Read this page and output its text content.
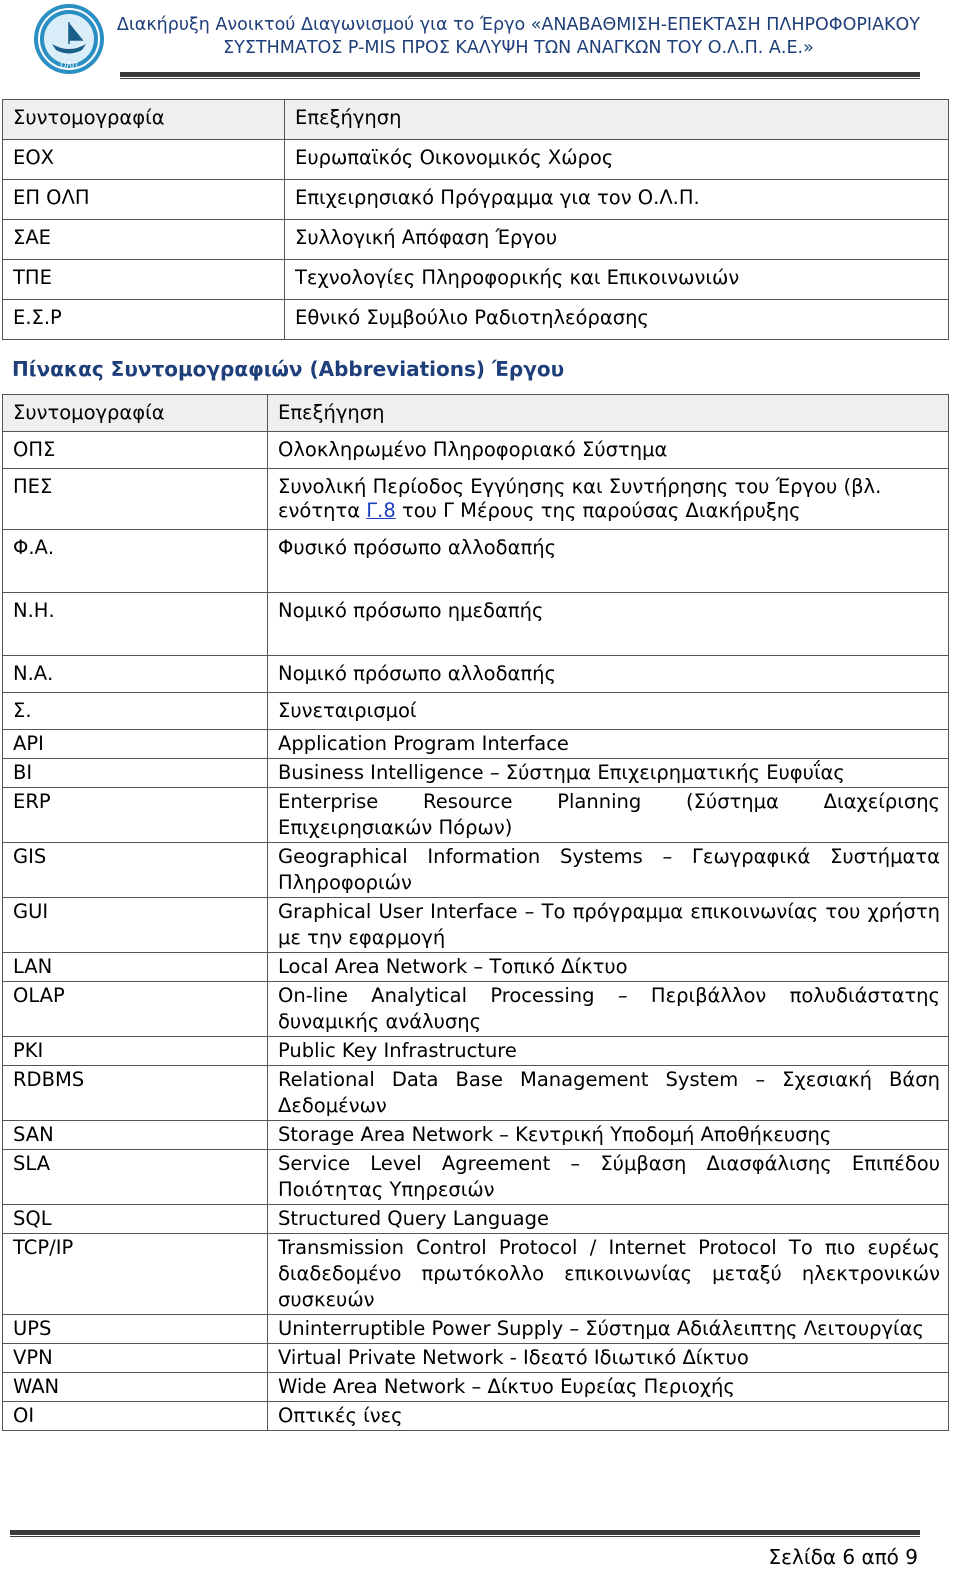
ΟΛΠ
Διακήρυξη Ανοικτού Διαγωνισμού για το Έργο «ΑΝΑΒΑΘΜΙΣΗ-ΕΠΕΚΤΑΣΗ ΠΛΗΡΟΦΟΡΙΑΚΟΥ
ΣΥΣΤΗΜΑΤΟΣ P-MIS ΠΡΟΣ ΚΑΛΥΨΗ ΤΩΝ ΑΝΑΓΚΩΝ ΤΟΥ Ο.Λ.Π. Α.Ε.»
Συντομογραφία	Επεξήγηση
ΕΟΧ	Ευρωπαϊκός Οικονομικός Χώρος
ΕΠ ΟΛΠ	Επιχειρησιακό Πρόγραμμα για τον Ο.Λ.Π.
ΣΑΕ	Συλλογική Απόφαση Έργου
ΤΠΕ	Τεχνολογίες Πληροφορικής και Επικοινωνιών
Ε.Σ.Ρ	Εθνικό Συμβούλιο Ραδιοτηλεόρασης
Πίνακας Συντομογραφιών (Abbreviations) Έργου
Συντομογραφία	Επεξήγηση
ΟΠΣ	Ολοκληρωμένο Πληροφοριακό Σύστημα
ΠΕΣ	Συνολική Περίοδος Εγγύησης και Συντήρησης του Έργου (βλ. ενότητα Γ.8 του Γ Μέρους της παρούσας Διακήρυξης
Φ.Α.	Φυσικό πρόσωπο αλλοδαπής
Ν.Η.	Νομικό πρόσωπο ημεδαπής
Ν.Α.	Νομικό πρόσωπο αλλοδαπής
Σ.	Συνεταιρισμοί
API	Application Program Interface
BI	Business Intelligence – Σύστημα Επιχειρηματικής Ευφυΐας
ERP	Enterprise Resource Planning (Σύστημα Διαχείρισης Επιχειρησιακών Πόρων)
GIS	Geographical Information Systems – Γεωγραφικά Συστήματα Πληροφοριών
GUI	Graphical User Interface – Το πρόγραμμα επικοινωνίας του χρήστη με την εφαρμογή
LAN	Local Area Network – Τοπικό Δίκτυο
OLAP	On-line Analytical Processing – Περιβάλλον πολυδιάστατης δυναμικής ανάλυσης
PKI	Public Key Infrastructure
RDBMS	Relational Data Base Management System – Σχεσιακή Βάση Δεδομένων
SAN	Storage Area Network – Κεντρική Υποδομή Αποθήκευσης
SLA	Service Level Agreement – Σύμβαση Διασφάλισης Επιπέδου Ποιότητας Υπηρεσιών
SQL	Structured Query Language
TCP/IP	Transmission Control Protocol / Internet Protocol Το πιο ευρέως διαδεδομένο πρωτόκολλο επικοινωνίας μεταξύ ηλεκτρονικών συσκευών
UPS	Uninterruptible Power Supply – Σύστημα Αδιάλειπτης Λειτουργίας
VPN	Virtual Private Network - Ιδεατό Ιδιωτικό Δίκτυο
WAN	Wide Area Network – Δίκτυο Ευρείας Περιοχής
ΟΙ	Οπτικές ίνες
Σελίδα 6 από 9
